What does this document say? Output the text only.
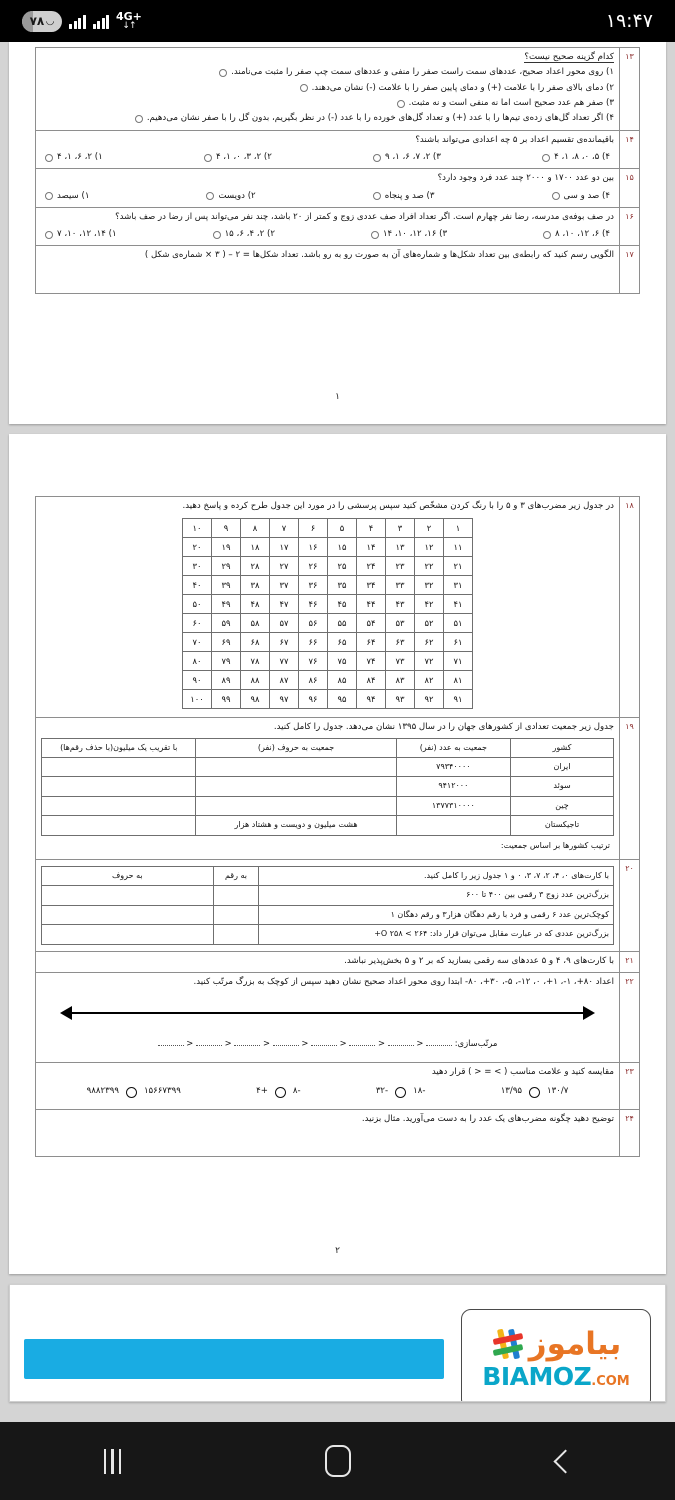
۷۸ ◡	4G+
↓↑	۱۹:۴۷
۱۳
کدام گزینه صحیح نیست؟
۱) روی محور اعداد صحیح، عددهای سمت راست صفر را منفی و عددهای سمت چپ صفر را مثبت می‌نامند.
۲) دمای بالای صفر را با علامت (+) و دمای پایین صفر را با علامت (-) نشان می‌دهند.
۳) صفر هم عدد صحیح است اما نه منفی است و نه مثبت.
۴) اگر تعداد گل‌های زده‌ی تیم‌ها را با عدد (+) و تعداد گل‌های خورده را با عدد (-) در نظر بگیریم، بدون گل را با صفر نشان می‌دهیم.
۱۴
باقیمانده‌ی تقسیم اعداد بر ۵ چه اعدادی می‌تواند باشند؟
۴) ۵، ۰، ۸، ۱، ۴
۳) ۲، ۷، ۶، ۱، ۹
۲) ۲، ۳، ۰، ۱، ۴
۱) ۲، ۶، ۱، ۴
۱۵
بین دو عدد ۱۷۰۰ و ۲۰۰۰ چند عدد فرد وجود دارد؟
۴) صد و سی
۳) صد و پنجاه
۲) دویست
۱) سیصد
۱۶
در صف بوفه‌ی مدرسه، رضا نفر چهارم است. اگر تعداد افراد صف عددی زوج و کمتر از ۲۰ باشد، چند نفر می‌تواند پس از رضا در صف باشد؟
۴) ۶، ۱۲، ۱۰، ۸
۳) ۱۶، ۱۲، ۱۰، ۱۴
۲) ۲، ۴، ۶، ۱۵
۱) ۱۴، ۱۲، ۱۰، ۷
۱۷
الگویی رسم کنید که رابطه‌ی بین تعداد شکل‌ها و شماره‌های آن به صورت رو به رو باشد. تعداد شکل‌ها = ۲ – ( ۳ × شماره‌ی شکل )
۱
۱۸
در جدول زیر مضرب‌های ۳ و ۵ را با رنگ کردن مشخّص کنید سپس پرسشی را در مورد این جدول طرح کرده و پاسخ دهید.
۱	۲	۳	۴	۵	۶	۷	۸	۹	۱۰
۱۱	۱۲	۱۳	۱۴	۱۵	۱۶	۱۷	۱۸	۱۹	۲۰
۲۱	۲۲	۲۳	۲۴	۲۵	۲۶	۲۷	۲۸	۲۹	۳۰
۳۱	۳۲	۳۳	۳۴	۳۵	۳۶	۳۷	۳۸	۳۹	۴۰
۴۱	۴۲	۴۳	۴۴	۴۵	۴۶	۴۷	۴۸	۴۹	۵۰
۵۱	۵۲	۵۳	۵۴	۵۵	۵۶	۵۷	۵۸	۵۹	۶۰
۶۱	۶۲	۶۳	۶۴	۶۵	۶۶	۶۷	۶۸	۶۹	۷۰
۷۱	۷۲	۷۳	۷۴	۷۵	۷۶	۷۷	۷۸	۷۹	۸۰
۸۱	۸۲	۸۳	۸۴	۸۵	۸۶	۸۷	۸۸	۸۹	۹۰
۹۱	۹۲	۹۳	۹۴	۹۵	۹۶	۹۷	۹۸	۹۹	۱۰۰
۱۹
جدول زیر جمعیت تعدادی از کشورهای جهان را در سال ۱۳۹۵ نشان می‌دهد. جدول را کامل کنید.
کشور	جمعیت به عدد (نفر)	جمعیت به حروف (نفر)	با تقریب یک میلیون(با حذف رقم‌ها)
ایران	۷۹۳۴۰۰۰۰		
سوئد	۹۴۱۲۰۰۰		
چین	۱۳۷۷۳۱۰۰۰۰		
تاجیکستان		هشت میلیون و دویست و هشتاد هزار	
ترتیب کشورها بر اساس جمعیت:
۲۰
با کارت‌های ۰، ۴، ۲، ۷، ۳، ۰ و ۱ جدول زیر را کامل کنید.	به رقم	به حروف
بزرگ‌ترین عدد زوج ۳ رقمی بین ۴۰۰ تا ۶۰۰		
کوچک‌ترین عدد ۶ رقمی و فرد با رقم دهگان هزار۳ و رقم دهگان ۱		
بزرگ‌ترین عددی که در عبارت مقابل می‌توان قرار داد: ۲۶۴ > O ۲۵۸+		
۲۱
با کارت‌های ۹، ۴ و ۵ عددهای سه رقمی بسازید که بر ۲ و ۵ بخش‌پذیر نباشد.
۲۲
اعداد ۸۰+، ۱-، ۱+، ۰، ۱۲-، ۵-، ۳۰+، ۸۰- ابتدا روی محور اعداد صحیح نشان دهید سپس از کوچک به بزرگ مرتّب کنید.
مرتّب‌سازی:  <  <  <  <  <  <  <
۲۳
مقایسه کنید و علامت مناسب ( > = < ) قرار دهید
۱۳۰/۷
۱۳/۹۵
-۱۸
-۳۲
-۸
+۴
۱۵۶۶۷۳۹۹
۹۸۸۲۳۹۹
۲۴
توضیح دهید چگونه مضرب‌های یک عدد را به دست می‌آورید. مثال بزنید.
۲
بیاموز
BIAMOZ .COM
